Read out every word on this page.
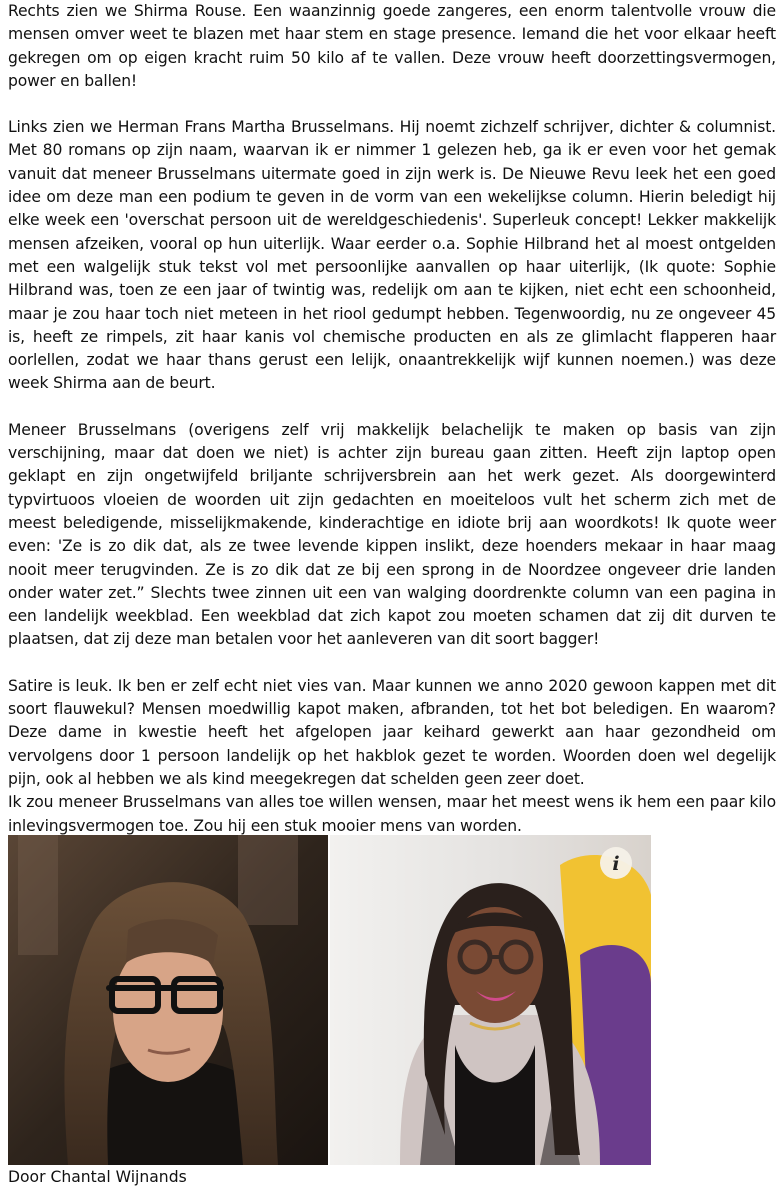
Rechts zien we Shirma Rouse. Een waanzinnig goede zangeres, een enorm talentvolle vrouw die mensen omver weet te blazen met haar stem en stage presence. Iemand die het voor elkaar heeft gekregen om op eigen kracht ruim 50 kilo af te vallen. Deze vrouw heeft doorzettingsvermogen, power en ballen!

Links zien we Herman Frans Martha Brusselmans. Hij noemt zichzelf schrijver, dichter & columnist. Met 80 romans op zijn naam, waarvan ik er nimmer 1 gelezen heb, ga ik er even voor het gemak vanuit dat meneer Brusselmans uitermate goed in zijn werk is. De Nieuwe Revu leek het een goed idee om deze man een podium te geven in de vorm van een wekelijkse column. Hierin beledigt hij elke week een 'overschat persoon uit de wereldgeschiedenis'. Superleuk concept! Lekker makkelijk mensen afzeiken, vooral op hun uiterlijk. Waar eerder o.a. Sophie Hilbrand het al moest ontgelden met een walgelijk stuk tekst vol met persoonlijke aanvallen op haar uiterlijk, (Ik quote: Sophie Hilbrand was, toen ze een jaar of twintig was, redelijk om aan te kijken, niet echt een schoonheid, maar je zou haar toch niet meteen in het riool gedumpt hebben. Tegenwoordig, nu ze ongeveer 45 is, heeft ze rimpels, zit haar kanis vol chemische producten en als ze glimlacht flapperen haar oorlellen, zodat we haar thans gerust een lelijk, onaantrekkelijk wijf kunnen noemen.) was deze week Shirma aan de beurt.

Meneer Brusselmans (overigens zelf vrij makkelijk belachelijk te maken op basis van zijn verschijning, maar dat doen we niet) is achter zijn bureau gaan zitten. Heeft zijn laptop open geklapt en zijn ongetwijfeld briljante schrijversbrein aan het werk gezet. Als doorgewinterd typvirtuoos vloeien de woorden uit zijn gedachten en moeiteloos vult het scherm zich met de meest beledigende, misselijkmakende, kinderachtige en idiote brij aan woordkots! Ik quote weer even: 'Ze is zo dik dat, als ze twee levende kippen inslikt, deze hoenders mekaar in haar maag nooit meer terugvinden. Ze is zo dik dat ze bij een sprong in de Noordzee ongeveer drie landen onder water zet.” Slechts twee zinnen uit een van walging doordrenkte column van een pagina in een landelijk weekblad. Een weekblad dat zich kapot zou moeten schamen dat zij dit durven te plaatsen, dat zij deze man betalen voor het aanleveren van dit soort bagger!

Satire is leuk. Ik ben er zelf echt niet vies van. Maar kunnen we anno 2020 gewoon kappen met dit soort flauwekul? Mensen moedwillig kapot maken, afbranden, tot het bot beledigen. En waarom? Deze dame in kwestie heeft het afgelopen jaar keihard gewerkt aan haar gezondheid om vervolgens door 1 persoon landelijk op het hakblok gezet te worden. Woorden doen wel degelijk pijn, ook al hebben we als kind meegekregen dat schelden geen zeer doet.

Ik zou meneer Brusselmans van alles toe willen wensen, maar het meest wens ik hem een paar kilo inlevingsvermogen toe. Zou hij een stuk mooier mens van worden.

i

Door Chantal Wijnands
